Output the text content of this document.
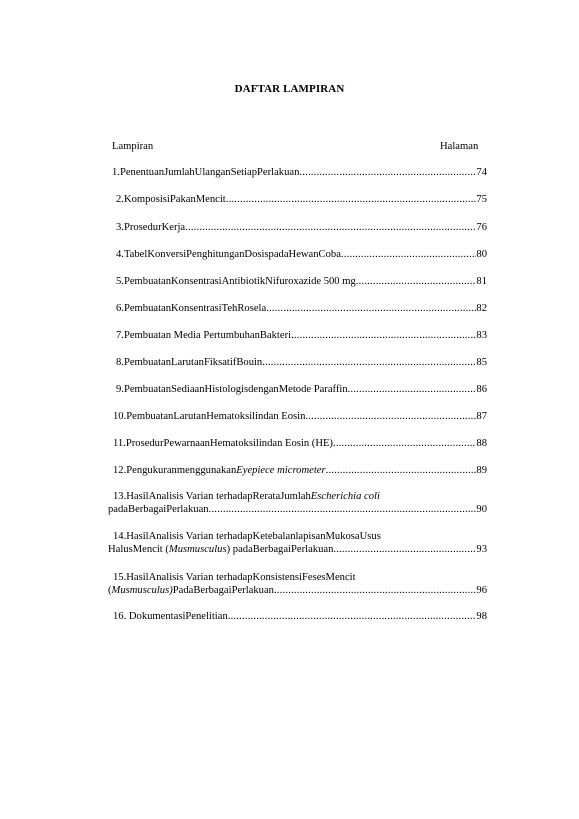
DAFTAR LAMPIRAN
Lampiran	Halaman
1.PenentuanJumlahUlanganSetiapPerlakuan .....	74
2.KomposisiPakanMencit .....	75
3.ProsedurKerja .....	76
4.TabelKonversiPenghitunganDosispadaHewanCoba .....	80
5.PembuatanKonsentrasiAntibiotikNifuroxazide 500 mg .....	81
6.PembuatanKonsentrasiTehRosela .....	82
7.Pembuatan Media PertumbuhanBakteri .....	83
8.PembuatanLarutanFiksatifBouin .....	85
9.PembuatanSediaanHistologisdenganMetode Paraffin .....	86
10.PembuatanLarutanHematoksilindan Eosin .....	87
11.ProsedurPewarnaanHematoksilindan Eosin (HE) .....	88
12.PengukuranmenggunakanEyepiece micrometer .....	89
13.HasilAnalisis Varian terhadapRerataJumlahEscherichia coli
padaBerbagaiPerlakuan .....	90
14.HasilAnalisis Varian terhadapKetebalanlapisanMukosaUsus
HalusMencit (Musmusculus) padaBerbagaiPerlakuan .....	93
15.HasilAnalisis Varian terhadapKonsistensiFesesMencit
(Musmusculus)PadaBerbagaiPerlakuan .....	96
16. DokumentasiPenelitian .....	98
